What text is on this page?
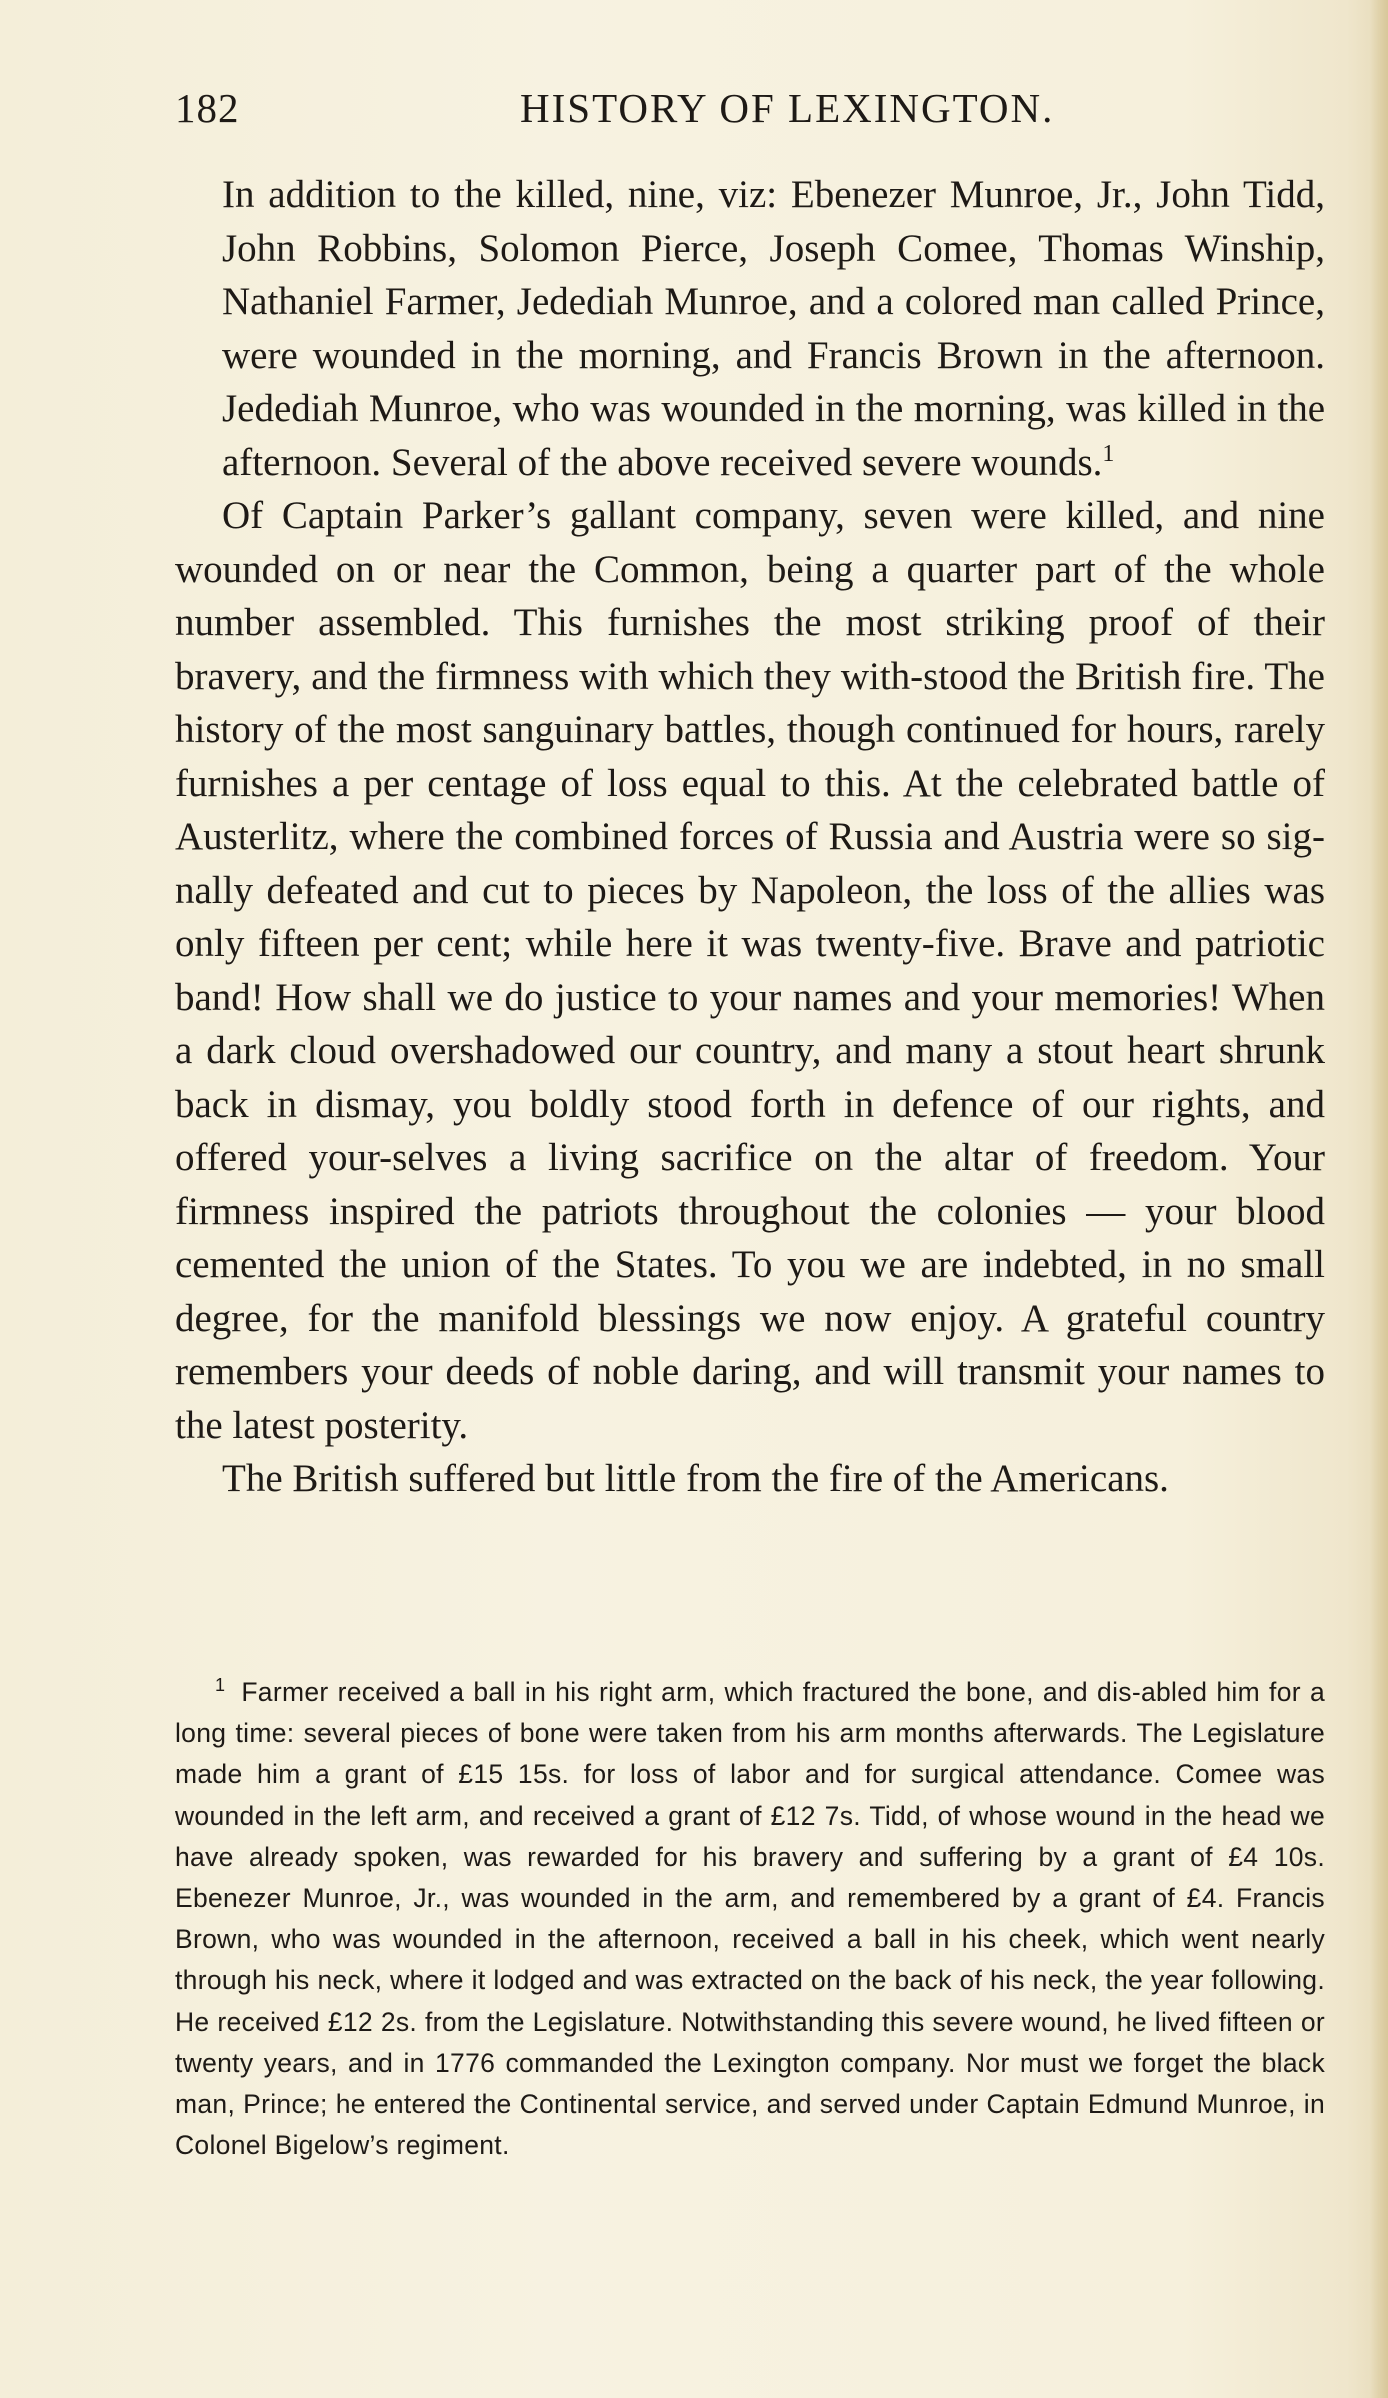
182	HISTORY OF LEXINGTON.

In addition to the killed, nine, viz: Ebenezer Munroe, Jr., John Tidd, John Robbins, Solomon Pierce, Joseph Comee, Thomas Winship, Nathaniel Farmer, Jedediah Munroe, and a colored man called Prince, were wounded in the morning, and Francis Brown in the afternoon. Jedediah Munroe, who was wounded in the morning, was killed in the afternoon. Several of the above received severe wounds.$^1$

Of Captain Parker’s gallant company, seven were killed, and nine wounded on or near the Common, being a quarter part of the whole number assembled. This furnishes the most striking proof of their bravery, and the firmness with which they with-stood the British fire. The history of the most sanguinary battles, though continued for hours, rarely furnishes a per centage of loss equal to this. At the celebrated battle of Austerlitz, where the combined forces of Russia and Austria were so sig-nally defeated and cut to pieces by Napoleon, the loss of the allies was only fifteen per cent; while here it was twenty-five. Brave and patriotic band! How shall we do justice to your names and your memories! When a dark cloud overshadowed our country, and many a stout heart shrunk back in dismay, you boldly stood forth in defence of our rights, and offered your-selves a living sacrifice on the altar of freedom. Your firmness inspired the patriots throughout the colonies — your blood cemented the union of the States. To you we are indebted, in no small degree, for the manifold blessings we now enjoy. A grateful country remembers your deeds of noble daring, and will transmit your names to the latest posterity.

The British suffered but little from the fire of the Americans.

$^1$ Farmer received a ball in his right arm, which fractured the bone, and dis-abled him for a long time: several pieces of bone were taken from his arm months afterwards. The Legislature made him a grant of £15 15s. for loss of labor and for surgical attendance. Comee was wounded in the left arm, and received a grant of £12 7s. Tidd, of whose wound in the head we have already spoken, was rewarded for his bravery and suffering by a grant of £4 10s. Ebenezer Munroe, Jr., was wounded in the arm, and remembered by a grant of £4. Francis Brown, who was wounded in the afternoon, received a ball in his cheek, which went nearly through his neck, where it lodged and was extracted on the back of his neck, the year following. He received £12 2s. from the Legislature. Notwithstanding this severe wound, he lived fifteen or twenty years, and in 1776 commanded the Lexington company. Nor must we forget the black man, Prince; he entered the Continental service, and served under Captain Edmund Munroe, in Colonel Bigelow’s regiment.
